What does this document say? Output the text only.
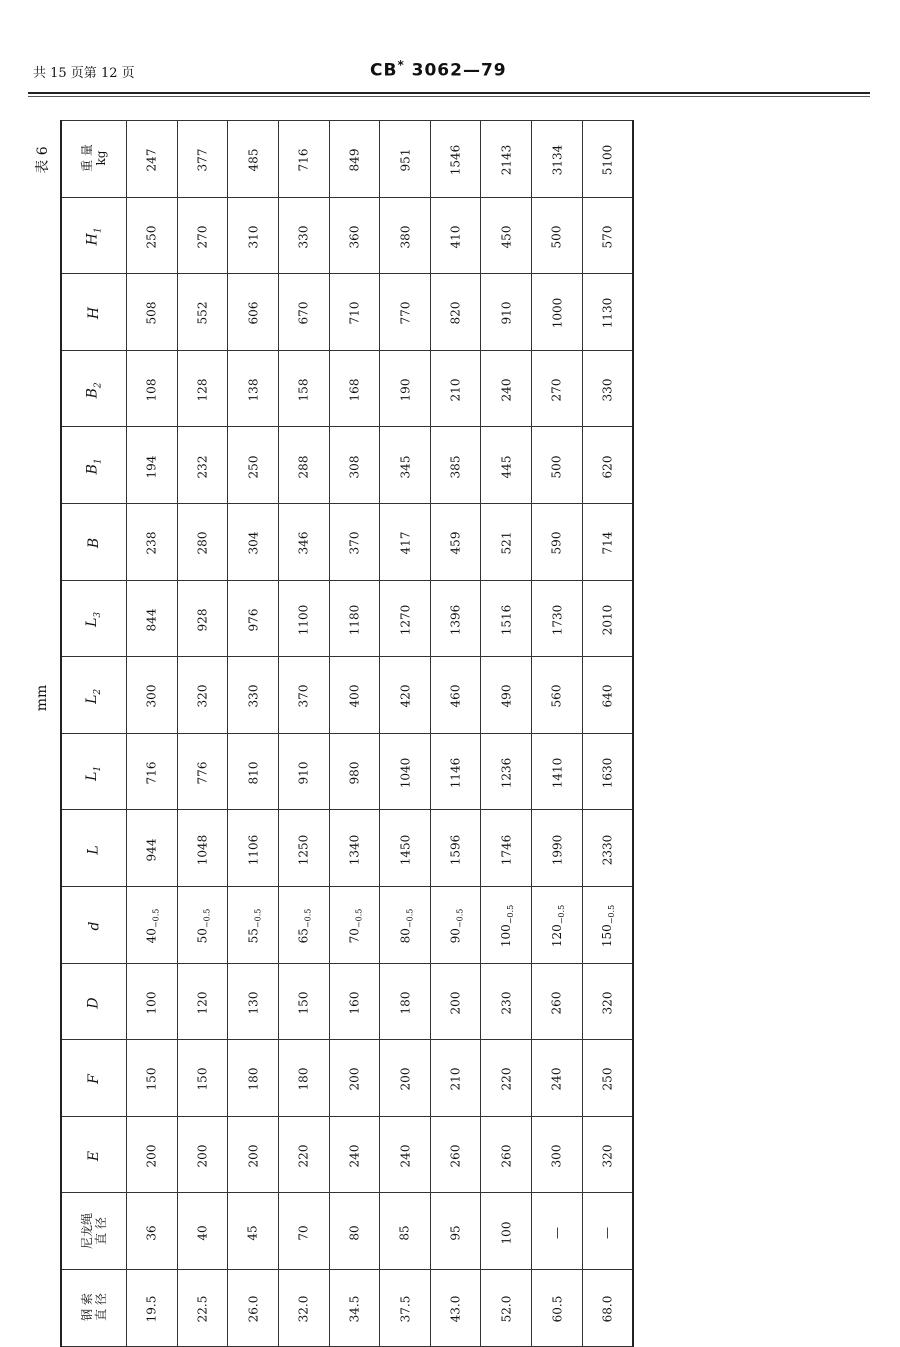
共 15 页第 12 页	CB* 3062—79
表 6
mm
重 量
kg	247	377	485	716	849	951	1546	2143	3134	5100
$H_1$	250	270	310	330	360	380	410	450	500	570
H	508	552	606	670	710	770	820	910	1000	1130
$B_2$	108	128	138	158	168	190	210	240	270	330
$B_1$	194	232	250	288	308	345	385	445	500	620
B	238	280	304	346	370	417	459	521	590	714
$L_3$	844	928	976	1100	1180	1270	1396	1516	1730	2010
$L_2$	300	320	330	370	400	420	460	490	560	640
$L_1$	716	776	810	910	980	1040	1146	1236	1410	1630
L	944	1048	1106	1250	1340	1450	1596	1746	1990	2330
d	$40_{-0.5}$	$50_{-0.5}$	$55_{-0.5}$	$65_{-0.5}$	$70_{-0.5}$	$80_{-0.5}$	$90_{-0.5}$	$100_{-0.5}$	$120_{-0.5}$	$150_{-0.5}$
D	100	120	130	150	160	180	200	230	260	320
F	150	150	180	180	200	200	210	220	240	250
E	200	200	200	220	240	240	260	260	300	320
尼龙绳
直 径	36	40	45	70	80	85	95	100	—	—
钢 索
直 径	19.5	22.5	26.0	32.0	34.5	37.5	43.0	52.0	60.5	68.0
